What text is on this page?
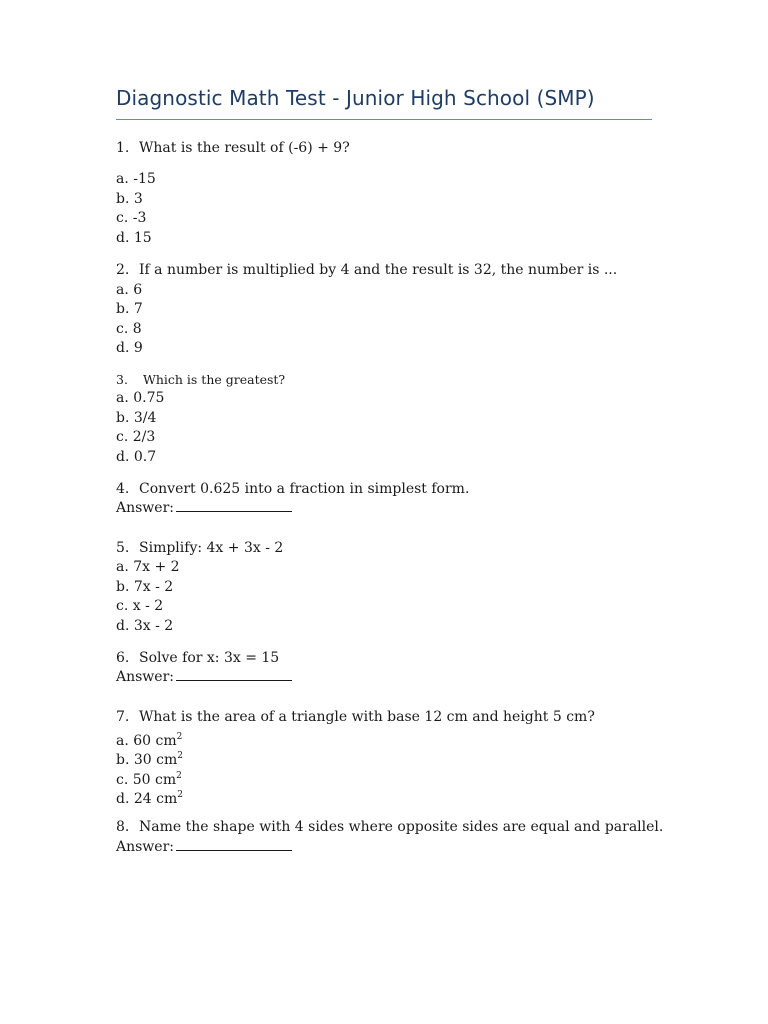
Diagnostic Math Test - Junior High School (SMP)
1. What is the result of (-6) + 9?
a. -15
b. 3
c. -3
d. 15
2. If a number is multiplied by 4 and the result is 32, the number is ...
a. 6
b. 7
c. 8
d. 9
3. Which is the greatest?
a. 0.75
b. 3/4
c. 2/3
d. 0.7
4. Convert 0.625 into a fraction in simplest form.
Answer:
5. Simplify: 4x + 3x - 2
a. 7x + 2
b. 7x - 2
c. x - 2
d. 3x - 2
6. Solve for x: 3x = 15
Answer:
7. What is the area of a triangle with base 12 cm and height 5 cm?
a. 60 $cm^2$
b. 30 $cm^2$
c. 50 $cm^2$
d. 24 $cm^2$
8. Name the shape with 4 sides where opposite sides are equal and parallel.
Answer:
